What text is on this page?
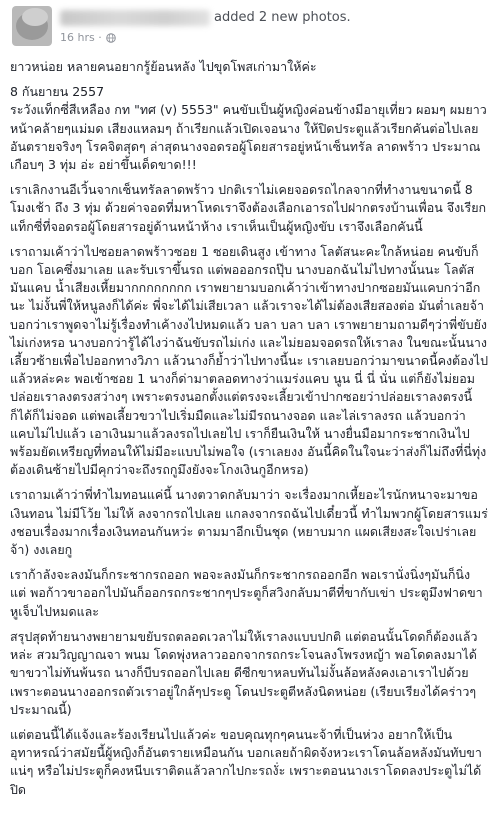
added 2 new photos.
16 hrs ·

ยาวหน่อย หลายคนอยากรู้ย้อนหลัง ไปขุดโพสเก่ามาให้ค่ะ

8 กันยายน 2557
ระวังแท็กซี่สีเหลือง กท "ทศ (v) 5553" คนขับเป็นผู้หญิงค่อนข้างมีอายุเที่ยว ผอมๆ ผมยาว หน้าคล้ายๆแม่มด เสียงแหลมๆ ถ้าเรียกแล้วเปิดเจอนาง ให้ปิดประตูแล้วเรียกคันต่อไปเลย อันตรายจริงๆ โรคจิตสุดๆ ล่าสุดนางจอดรอผู้โดยสารอยู่หน้าเซ็นทรัล ลาดพร้าว ประมาณเกือบๆ 3 ทุ่ม อ่ะ อย่าขึ้นเด็ดขาด!!!

เราเลิกงานอีเวิ้นจากเซ็นทรัลลาดพร้าว ปกติเราไม่เคยจอดรถไกลจากที่ทำงานขนาดนี้ 8 โมงเช้า ถึง 3 ทุ่ม ด้วยค่าจอดที่มหาโหดเราจึงต้องเลือกเอารถไปฝากตรงบ้านเพื่อน จึงเรียกแท็กซี่ที่จอดรอผู้โดยสารอยู่ด้านหน้าห้าง เราเห็นเป็นผู้หญิงขับ เราจึงเลือกคันนี้

เราถามเค้าว่าไปซอยลาดพร้าวซอย 1 ซอยเดินสูง เข้าทาง โลตัสนะคะใกล้หน่อย คนขับก็บอก โอเคซึ่งมาเลย และรับเราขึ้นรถ แต่พอออกรถปุ๊บ นางบอกฉันไม่ไปทางนั้นนะ โลตัสมันแคบ น้ำเสียงเหี้ยมากกกกกกกก เราพยายามบอกเค้าว่าเข้าทางปากซอยมันแคบกว่าอีกนะ ไม่งั้นพี่ให้หนูลงก็ได้ค่ะ พี่จะได้ไม่เสียเวลา แล้วเราจะได้ไม่ต้องเสียสองต่อ มันต่ำเลยจ้า บอกว่าเราพูดจาไม่รู้เรื่องทำเค้างงไปหมดแล้ว บลา บลา บลา เราพยายามถามดีๆว่าพี่ขับยังไม่เก่งหรอ นางบอกว่ารู้ได้ไงว่าฉันขับรถไม่เก่ง และไม่ยอมจอดรถให้เราลง ในขณะนั้นนางเลี้ยวซ้ายเพื่อไปออกทางวิภา แล้วนางก็ย้ำว่าไปทางนี้นะ เราเลยบอกว่ามาขนาดนี้คงต้องไปแล้วหล่ะคะ พอเข้าซอย 1 นางก็ด่ามาตลอดทางว่าแมร่งแคบ นูน นี่ นี่ นั่น แต่ก็ยังไม่ยอมปล่อยเราลงตรงสว่างๆ เพราะตรงนอกตั้งแต่ตรงจะเลี้ยวเข้าปากซอยว่าปล่อยเราลงตรงนี้ก็ได้ก็ไม่จอด แต่พอเลี้ยวขวาไปเริ่มมืดและไม่มีรถนางจอด และไล่เราลงรถ แล้วบอกว่าแคบไม่ไปแล้ว เอาเงินมาแล้วลงรถไปเลยไป เราก็ยืนเงินให้ นางยื่นมือมากระชากเงินไปพร้อมยัดเหรียญที่ทอนให้ไม่มีอะแบบไม่พอใจ (เราเลยงง อันนี้คิดในใจนะว่าส่งก็ไม่ถึงที่นี่ทุ่งต้องเดินซ้ายไปมีคุกว่าจะถึงรถกูมึงยังจะโกงเงินกูอีกหรอ)

เราถามเค้าว่าพี่ทำไมทอนแค่นี้ นางตวาดกลับมาว่า จะเรื่องมากเหี้ยอะไรนักหนาจะมาขอเงินทอน ไม่มีโว้ย ไม่ให้ ลงจากรถไปเลย แกลงจากรถฉันไปเดี๋ยวนี้ ทำไมพวกผู้โดยสารแมร่งชอบเรื่องมากเรื่องเงินทอนกันหว่ะ ตามมาอีกเป็นชุด (หยาบมาก แผดเสียงสะใจเปร่าเลยจ้า) งงเลยกู

เราก้าลังจะลงมันก็กระชากรถออก พอจะลงมันก็กระชากรถออกอีก พอเรานั่งนิ่งๆมันก็นิ่ง แต่ พอก้าวขาออกไปมันก็ออกรถกระชากๆประตูก็สวิงกลับมาตีที่ขากับเข่า ประตูมึงฟาดขาหูเจ็บไปหมดและ

สรุปสุดท้ายนางพยายามขยับรถตลอดเวลาไม่ให้เราลงแบบปกติ แต่ตอนนั้นโดดก็ต้องแล้วหล่ะ สวมวิญญาณจา พนม โดดพุ่งหลาวออกจากรถกระโจนลงโพรงหญ้า พอโดดลงมาได้ ขาขวาไม่ทันพ้นรถ นางก็บีบรถออกไปเลย ดีซีกขาหลบทันไม่งั้นล้อหลังคงเอาเราไปด้วย เพราะตอนนางออกรถตัวเราอยู่ใกล้ๆประตู โดนประตูตีหลังนิดหน่อย (เรียบเรียงได้คร่าวๆประมาณนี้)

แต่ตอนนี้ได้แจ้งและร้องเรียนไปแล้วค่ะ ขอบคุณทุกๆคนนะจ้าที่เป็นห่วง อยากให้เป็นอุทาหรณ์ว่าสมัยนี้ผู้หญิงก็อันตรายเหมือนกัน บอกเลยถ้าผิดจังหวะเราโดนล้อหลังมันทับขาแน่ๆ หรือไม่ประตูก็คงหนีบเราติดแล้วลากไปกะรถงั่ะ เพราะตอนนางเราโดดลงประตูไม่ได้ปิด
